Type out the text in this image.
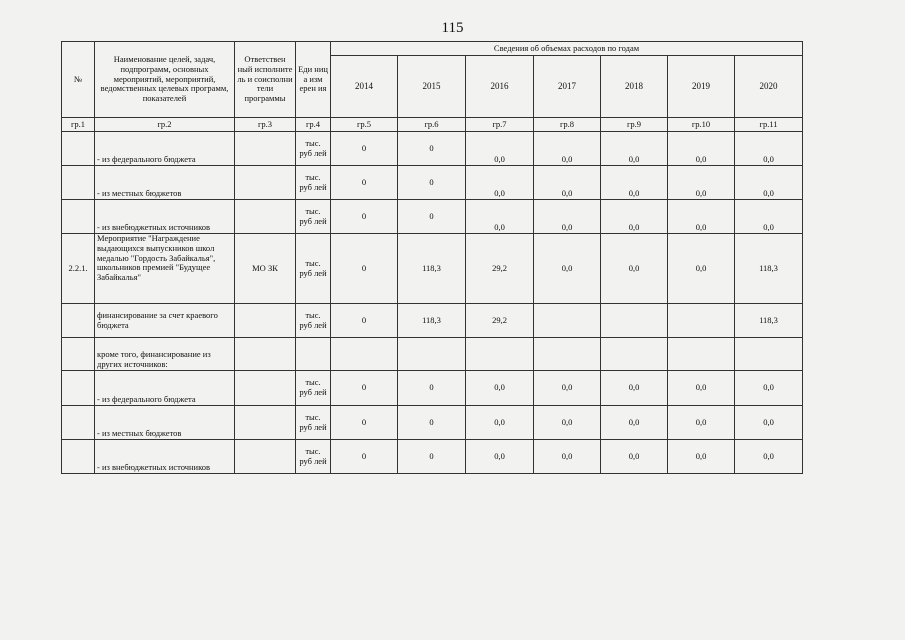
115
№	Наименование целей, задач, подпрограмм, основных мероприятий, мероприятий, ведомственных целевых программ, показателей	Ответствен ный исполните ль и соисполни тели программы	Еди ниц а изм ерен ия	Сведения об объемах расходов по годам						
				2014	2015	2016	2017	2018	2019	2020
гр.1	гр.2	гр.3	гр.4	гр.5	гр.6	гр.7	гр.8	гр.9	гр.10	гр.11
	- из федерального бюджета		тыс. руб лей	0	0	0,0	0,0	0,0	0,0	0,0
	- из местных бюджетов		тыс. руб лей	0	0	0,0	0,0	0,0	0,0	0,0
	- из внебюджетных источников		тыс. руб лей	0	0	0,0	0,0	0,0	0,0	0,0
2.2.1.	Мероприятие "Награждение выдающихся выпускников школ медалью "Гордость Забайкалья", школьников премией "Будущее Забайкалья"	МО ЗК	тыс. руб лей	0	118,3	29,2	0,0	0,0	0,0	118,3
	финансирование за счет краевого бюджета		тыс. руб лей	0	118,3	29,2				118,3
	кроме того, финансирование из других источников:									
	- из федерального бюджета		тыс. руб лей	0	0	0,0	0,0	0,0	0,0	0,0
	- из местных бюджетов		тыс. руб лей	0	0	0,0	0,0	0,0	0,0	0,0
	- из внебюджетных источников		тыс. руб лей	0	0	0,0	0,0	0,0	0,0	0,0
